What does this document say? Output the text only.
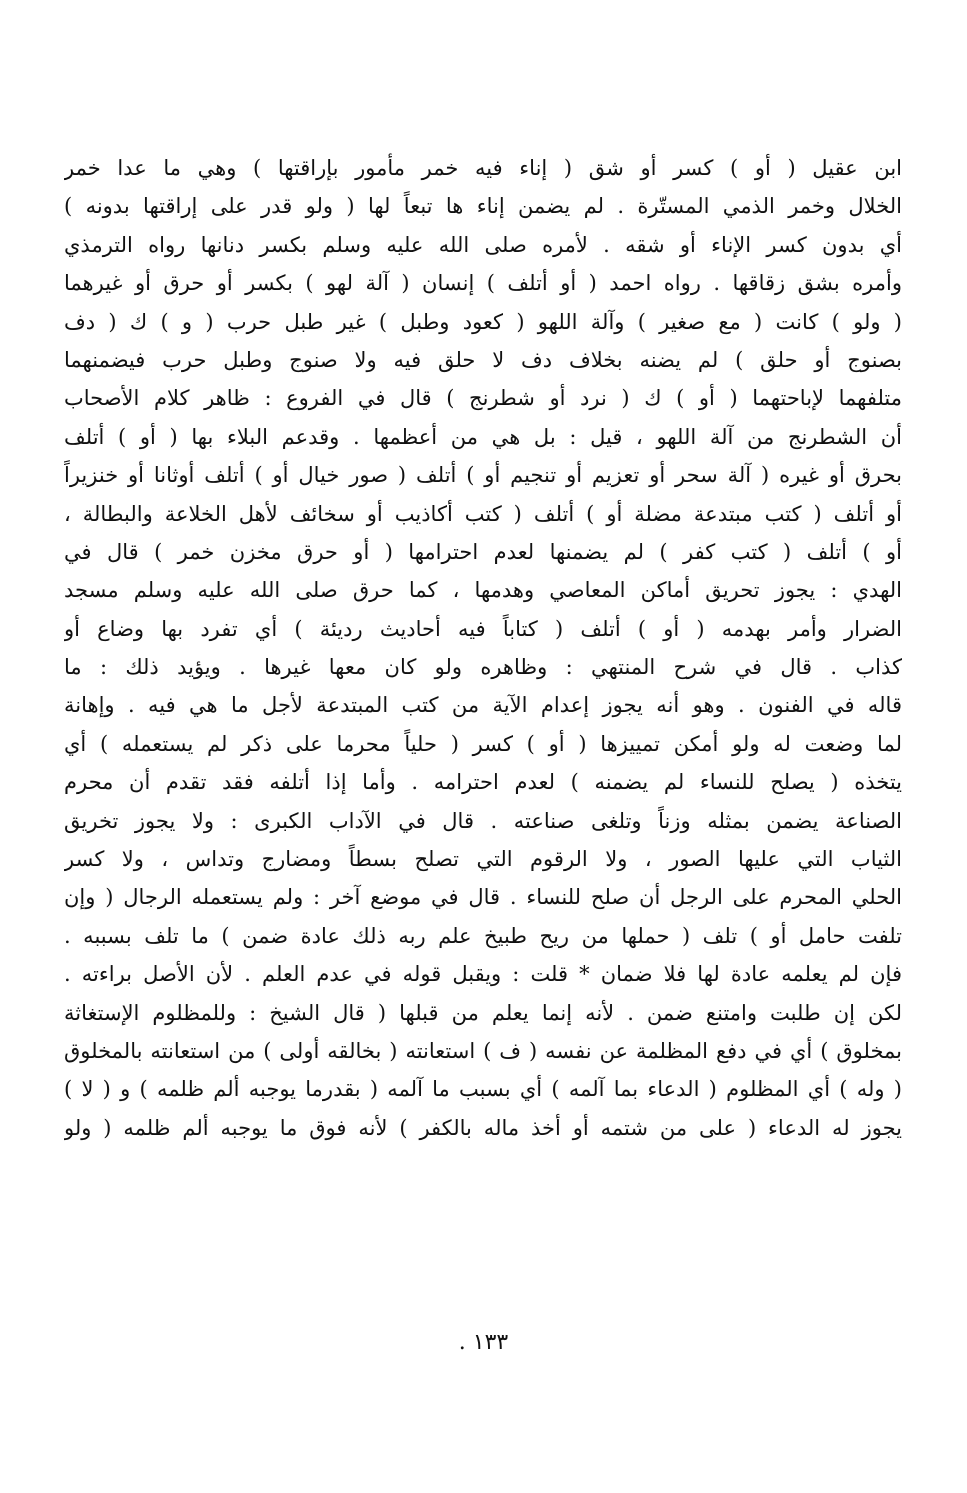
ابن عقيل ( أو ) كسر أو شق ( إناء فيه خمر مأمور بإراقتها ) وهي ما عدا خمر
الخلال وخمر الذمي المستّرة . لم يضمن إناء ها تبعاً لها ( ولو قدر على إراقتها بدونه )
أي بدون كسر الإناء أو شقه . لأمره صلى الله عليه وسلم بكسر دنانها رواه الترمذي
وأمره بشق زقاقها . رواه احمد ( أو أتلف ) إنسان ( آلة لهو ) بكسر أو حرق أو غيرهما
( ولو ) كانت ( مع صغير ) وآلة اللهو ( كعود وطبل ) غير طبل حرب ( و ) ك ( دف
بصنوج أو حلق ) لم يضنه بخلاف دف لا حلق فيه ولا صنوج وطبل حرب فيضمنهما
متلفهما لإباحتهما ( أو ) ك ( نرد أو شطرنج ) قال في الفروع : ظاهر كلام الأصحاب
أن الشطرنج من آلة اللهو ، قيل : بل هي من أعظمها . وقدعم البلاء بها ( أو ) أتلف
بحرق أو غيره ( آلة سحر أو تعزيم أو تنجيم أو ) أتلف ( صور خيال أو ) أتلف أوثانا أو خنزيراً
أو أتلف ( كتب مبتدعة مضلة أو ) أتلف ( كتب أكاذيب أو سخائف لأهل الخلاعة والبطالة ،
أو ) أتلف ( كتب كفر ) لم يضمنها لعدم احترامها ( أو حرق مخزن خمر ) قال في
الهدي : يجوز تحريق أماكن المعاصي وهدمها ، كما حرق صلى الله عليه وسلم مسجد
الضرار وأمر بهدمه ( أو ) أتلف ( كتاباً فيه أحاديث رديئة ) أي تفرد بها وضاع أو
كذاب . قال في شرح المنتهي : وظاهره ولو كان معها غيرها . ويؤيد ذلك : ما
قاله في الفنون . وهو أنه يجوز إعدام الآية من كتب المبتدعة لأجل ما هي فيه . وإهانة
لما وضعت له ولو أمكن تمييزها ( أو ) كسر ( حلياً محرما على ذكر لم يستعمله ) أي
يتخذه ( يصلح للنساء لم يضمنه ) لعدم احترامه . وأما إذا أتلفه فقد تقدم أن محرم
الصناعة يضمن بمثله وزناً وتلغى صناعته . قال في الآداب الكبرى : ولا يجوز تخريق
الثياب التي عليها الصور ، ولا الرقوم التي تصلح بسطاً ومضارج وتداس ، ولا كسر
الحلي المحرم على الرجل أن صلح للنساء . قال في موضع آخر : ولم يستعمله الرجال ( وإن
تلفت حامل أو ) تلف ( حملها من ريح طبيخ علم ربه ذلك عادة ضمن ) ما تلف بسببه .
فإن لم يعلمه عادة لها فلا ضمان * قلت : ويقبل قوله في عدم العلم . لأن الأصل براءته .
لكن إن طلبت وامتنع ضمن . لأنه إنما يعلم من قبلها ( قال الشيخ : وللمظلوم الإستغاثة
بمخلوق ) أي في دفع المظلمة عن نفسه ( ف ) استعانته ( بخالقه أولى ) من استعانته بالمخلوق
( وله ) أي المظلوم ( الدعاء بما آلمه ) أي بسبب ما آلمه ( بقدرما يوجبه ألم ظلمه ) و ( لا )
يجوز له الدعاء ( على من شتمه أو أخذ ماله بالكفر ) لأنه فوق ما يوجبه ألم ظلمه ( ولو
١٣٣ .
